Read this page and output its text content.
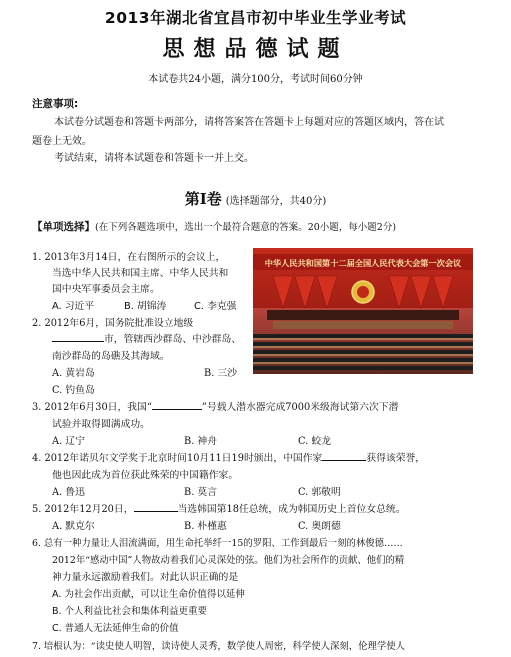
2013年湖北省宜昌市初中毕业生学业考试
思想品德试题
本试卷共24小题，满分100分，考试时间60分钟
注意事项:
本试卷分试题卷和答题卡两部分，请将答案答在答题卡上每题对应的答题区域内，答在试
题卷上无效。
考试结束，请将本试题卷和答题卡一并上交。
第Ⅰ卷 (选择题部分，共40分)
【单项选择】(在下列各题选项中，选出一个最符合题意的答案。20小题，每小题2分)
中华人民共和国第十二届全国人民代表大会第一次会议
1. 2013年3月14日，在右图所示的会议上，
当选中华人民共和国主席、中华人民共和
国中央军事委员会主席。
A. 习近平	B. 胡锦涛	C. 李克强
2. 2012年6月，国务院批准设立地级
市，管辖西沙群岛、中沙群岛、
南沙群岛的岛礁及其海域。
A. 黄岩岛	B. 三沙
C. 钓鱼岛
3. 2012年6月30日，我国“	”号载人潜水器完成7000米级海试第六次下潜
试验并取得圆满成功。
A. 辽宁	B. 神舟	C. 蛟龙
4. 2012年诺贝尔文学奖于北京时间10月11日19时颁出，中国作家	获得该荣誉，
他也因此成为首位获此殊荣的中国籍作家。
A. 鲁迅	B. 莫言	C. 郭敬明
5. 2012年12月20日，	当选韩国第18任总统，成为韩国历史上首位女总统。
A. 默克尔	B. 朴槿惠	C. 奥朗德
6. 总有一种力量让人泪流满面，用生命托举纤一15的罗阳、工作到最后一刻的林俊德……
2012年“感动中国”人物故动着我们心灵深处的弦。他们为社会所作的贡献、他们的精
神力量永远激励着我们。对此认识正确的是
A. 为社会作出贡献，可以让生命价值得以延伸
B. 个人利益比社会和集体利益更重要
C. 普通人无法延伸生命的价值
7. 培根认为：“读史使人明智，读诗使人灵秀，数学使人周密，科学使人深刻，伦理学使人
